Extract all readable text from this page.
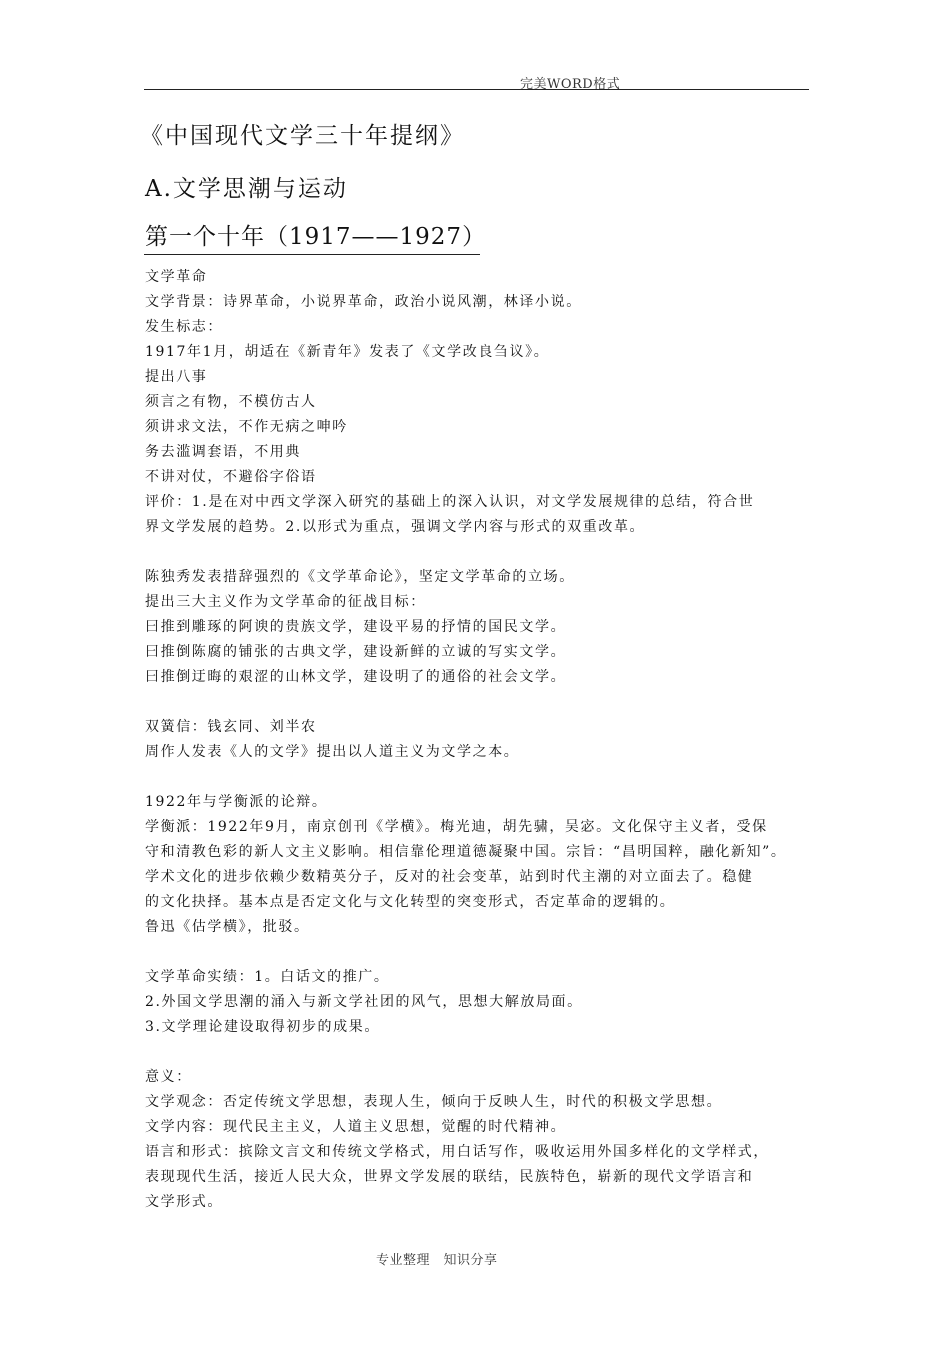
完美WORD格式
《中国现代文学三十年提纲》
A.文学思潮与运动
第一个十年（1917——1927）
文学革命
文学背景：诗界革命，小说界革命，政治小说风潮，林译小说。
发生标志：
1917年1月，胡适在《新青年》发表了《文学改良刍议》。
提出八事
须言之有物，不模仿古人
须讲求文法，不作无病之呻吟
务去滥调套语，不用典
不讲对仗，不避俗字俗语
评价：1.是在对中西文学深入研究的基础上的深入认识，对文学发展规律的总结，符合世
界文学发展的趋势。2.以形式为重点，强调文学内容与形式的双重改革。
陈独秀发表措辞强烈的《文学革命论》，坚定文学革命的立场。
提出三大主义作为文学革命的征战目标：
曰推到雕琢的阿谀的贵族文学，建设平易的抒情的国民文学。
曰推倒陈腐的铺张的古典文学，建设新鲜的立诚的写实文学。
曰推倒迂晦的艰涩的山林文学，建设明了的通俗的社会文学。
双簧信：钱玄同、刘半农
周作人发表《人的文学》提出以人道主义为文学之本。
1922年与学衡派的论辩。
学衡派：1922年9月，南京创刊《学横》。梅光迪，胡先骕，吴宓。文化保守主义者，受保
守和清教色彩的新人文主义影响。相信靠伦理道德凝聚中国。宗旨：“昌明国粹，融化新知”。
学术文化的进步依赖少数精英分子，反对的社会变革，站到时代主潮的对立面去了。稳健
的文化抉择。基本点是否定文化与文化转型的突变形式，否定革命的逻辑的。
鲁迅《估学横》，批驳。
文学革命实绩：1。白话文的推广。
2.外国文学思潮的涌入与新文学社团的风气，思想大解放局面。
3.文学理论建设取得初步的成果。
意义：
文学观念：否定传统文学思想，表现人生，倾向于反映人生，时代的积极文学思想。
文学内容：现代民主主义，人道主义思想，觉醒的时代精神。
语言和形式：摈除文言文和传统文学格式，用白话写作，吸收运用外国多样化的文学样式，
表现现代生活，接近人民大众，世界文学发展的联结，民族特色，崭新的现代文学语言和
文学形式。
专业整理　知识分享
